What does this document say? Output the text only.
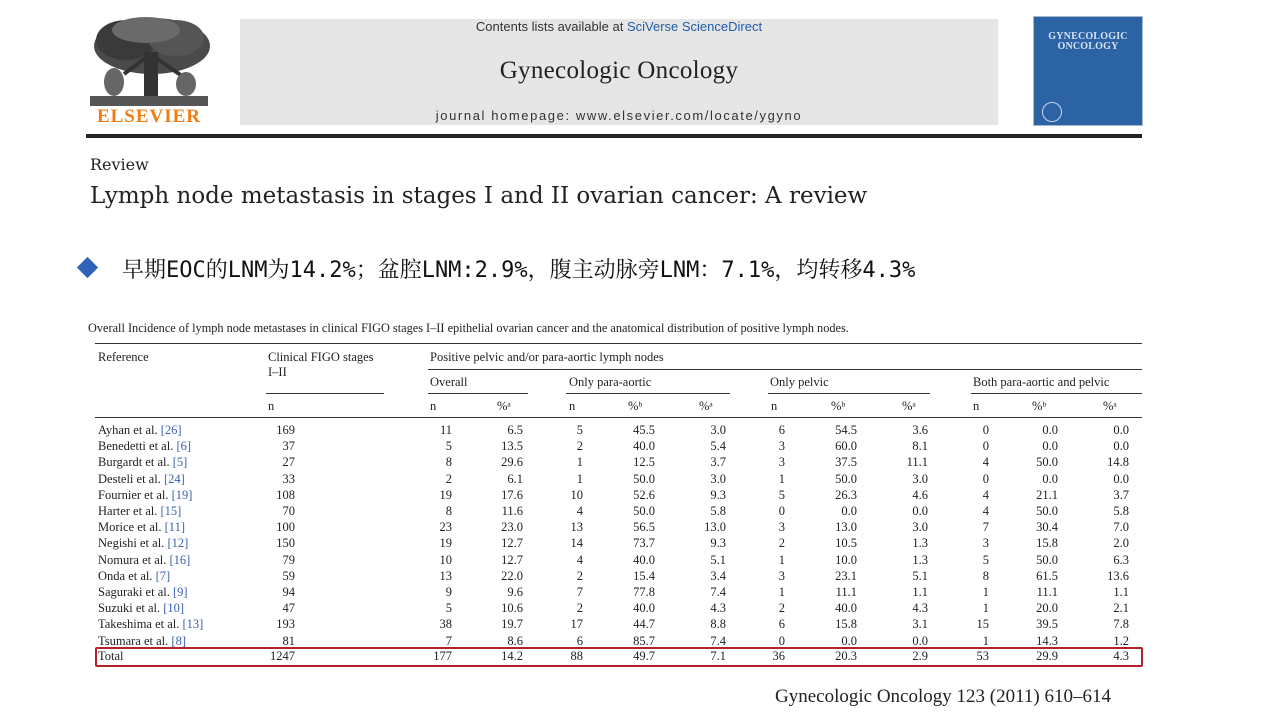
ELSEVIER
Contents lists available at SciVerse ScienceDirect
Gynecologic Oncology
journal homepage: www.elsevier.com/locate/ygyno
GYNECOLOGIC
ONCOLOGY
Review
Lymph node metastasis in stages I and II ovarian cancer: A review
早期EOC的LNM为14.2%；盆腔LNM:2.9%，腹主动脉旁LNM：7.1%，均转移4.3%
Overall Incidence of lymph node metastases in clinical FIGO stages I–II epithelial ovarian cancer and the anatomical distribution of positive lymph nodes.
Reference	Clinical FIGO stages
I–II
Positive pelvic and/or para-aortic lymph nodes
Overall	Only para-aortic	Only pelvic	Both para-aortic and pelvic
n	n	%ᵃ	n	%ᵇ	%ᵃ	n	%ᵇ	%ᵃ	n	%ᵇ	%ᵃ
Ayhan et al. [26]	169	11	6.5	5	45.5	3.0	6	54.5	3.6	0	0.0	0.0
Benedetti et al. [6]	37	5	13.5	2	40.0	5.4	3	60.0	8.1	0	0.0	0.0
Burgardt et al. [5]	27	8	29.6	1	12.5	3.7	3	37.5	11.1	4	50.0	14.8
Desteli et al. [24]	33	2	6.1	1	50.0	3.0	1	50.0	3.0	0	0.0	0.0
Fournier et al. [19]	108	19	17.6	10	52.6	9.3	5	26.3	4.6	4	21.1	3.7
Harter et al. [15]	70	8	11.6	4	50.0	5.8	0	0.0	0.0	4	50.0	5.8
Morice et al. [11]	100	23	23.0	13	56.5	13.0	3	13.0	3.0	7	30.4	7.0
Negishi et al. [12]	150	19	12.7	14	73.7	9.3	2	10.5	1.3	3	15.8	2.0
Nomura et al. [16]	79	10	12.7	4	40.0	5.1	1	10.0	1.3	5	50.0	6.3
Onda et al. [7]	59	13	22.0	2	15.4	3.4	3	23.1	5.1	8	61.5	13.6
Saguraki et al. [9]	94	9	9.6	7	77.8	7.4	1	11.1	1.1	1	11.1	1.1
Suzuki et al. [10]	47	5	10.6	2	40.0	4.3	2	40.0	4.3	1	20.0	2.1
Takeshima et al. [13]	193	38	19.7	17	44.7	8.8	6	15.8	3.1	15	39.5	7.8
Tsumara et al. [8]	81	7	8.6	6	85.7	7.4	0	0.0	0.0	1	14.3	1.2
Total	1247	177	14.2	88	49.7	7.1	36	20.3	2.9	53	29.9	4.3
Gynecologic Oncology 123 (2011) 610–614
